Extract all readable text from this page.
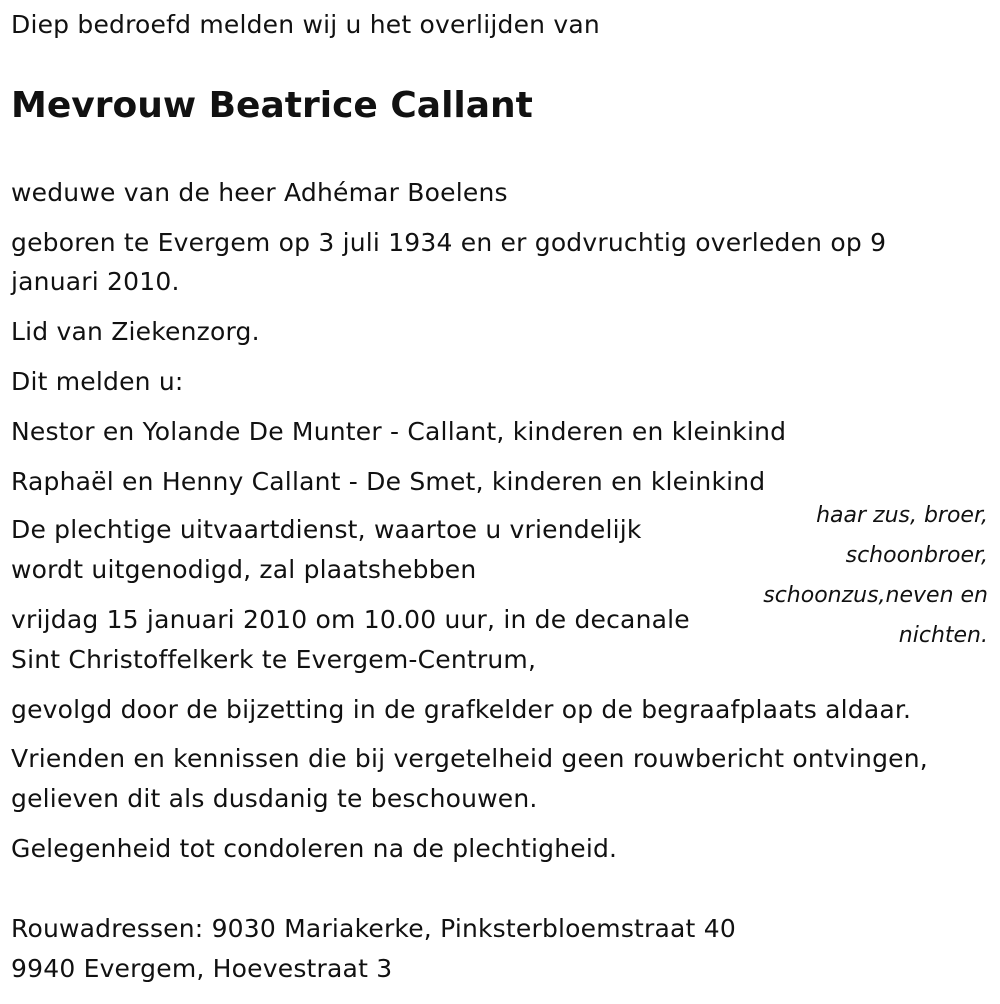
Diep bedroefd melden wij u het overlijden van

Mevrouw Beatrice Callant

weduwe van de heer Adhémar Boelens

geboren te Evergem op 3 juli 1934 en er godvruchtig overleden op 9

januari 2010.

Lid van Ziekenzorg.

Dit melden u:

Nestor en Yolande De Munter - Callant, kinderen en kleinkind

Raphaël en Henny Callant - De Smet, kinderen en kleinkind

haar zus, broer,
schoonbroer,
schoonzus,neven en
nichten.

De plechtige uitvaartdienst, waartoe u vriendelijk

wordt uitgenodigd, zal plaatshebben

vrijdag 15 januari 2010 om 10.00 uur, in de decanale

Sint Christoffelkerk te Evergem-Centrum,

gevolgd door de bijzetting in de grafkelder op de begraafplaats aldaar.

Vrienden en kennissen die bij vergetelheid geen rouwbericht ontvingen,

gelieven dit als dusdanig te beschouwen.

Gelegenheid tot condoleren na de plechtigheid.

Rouwadressen: 9030 Mariakerke, Pinksterbloemstraat 40

9940 Evergem, Hoevestraat 3
